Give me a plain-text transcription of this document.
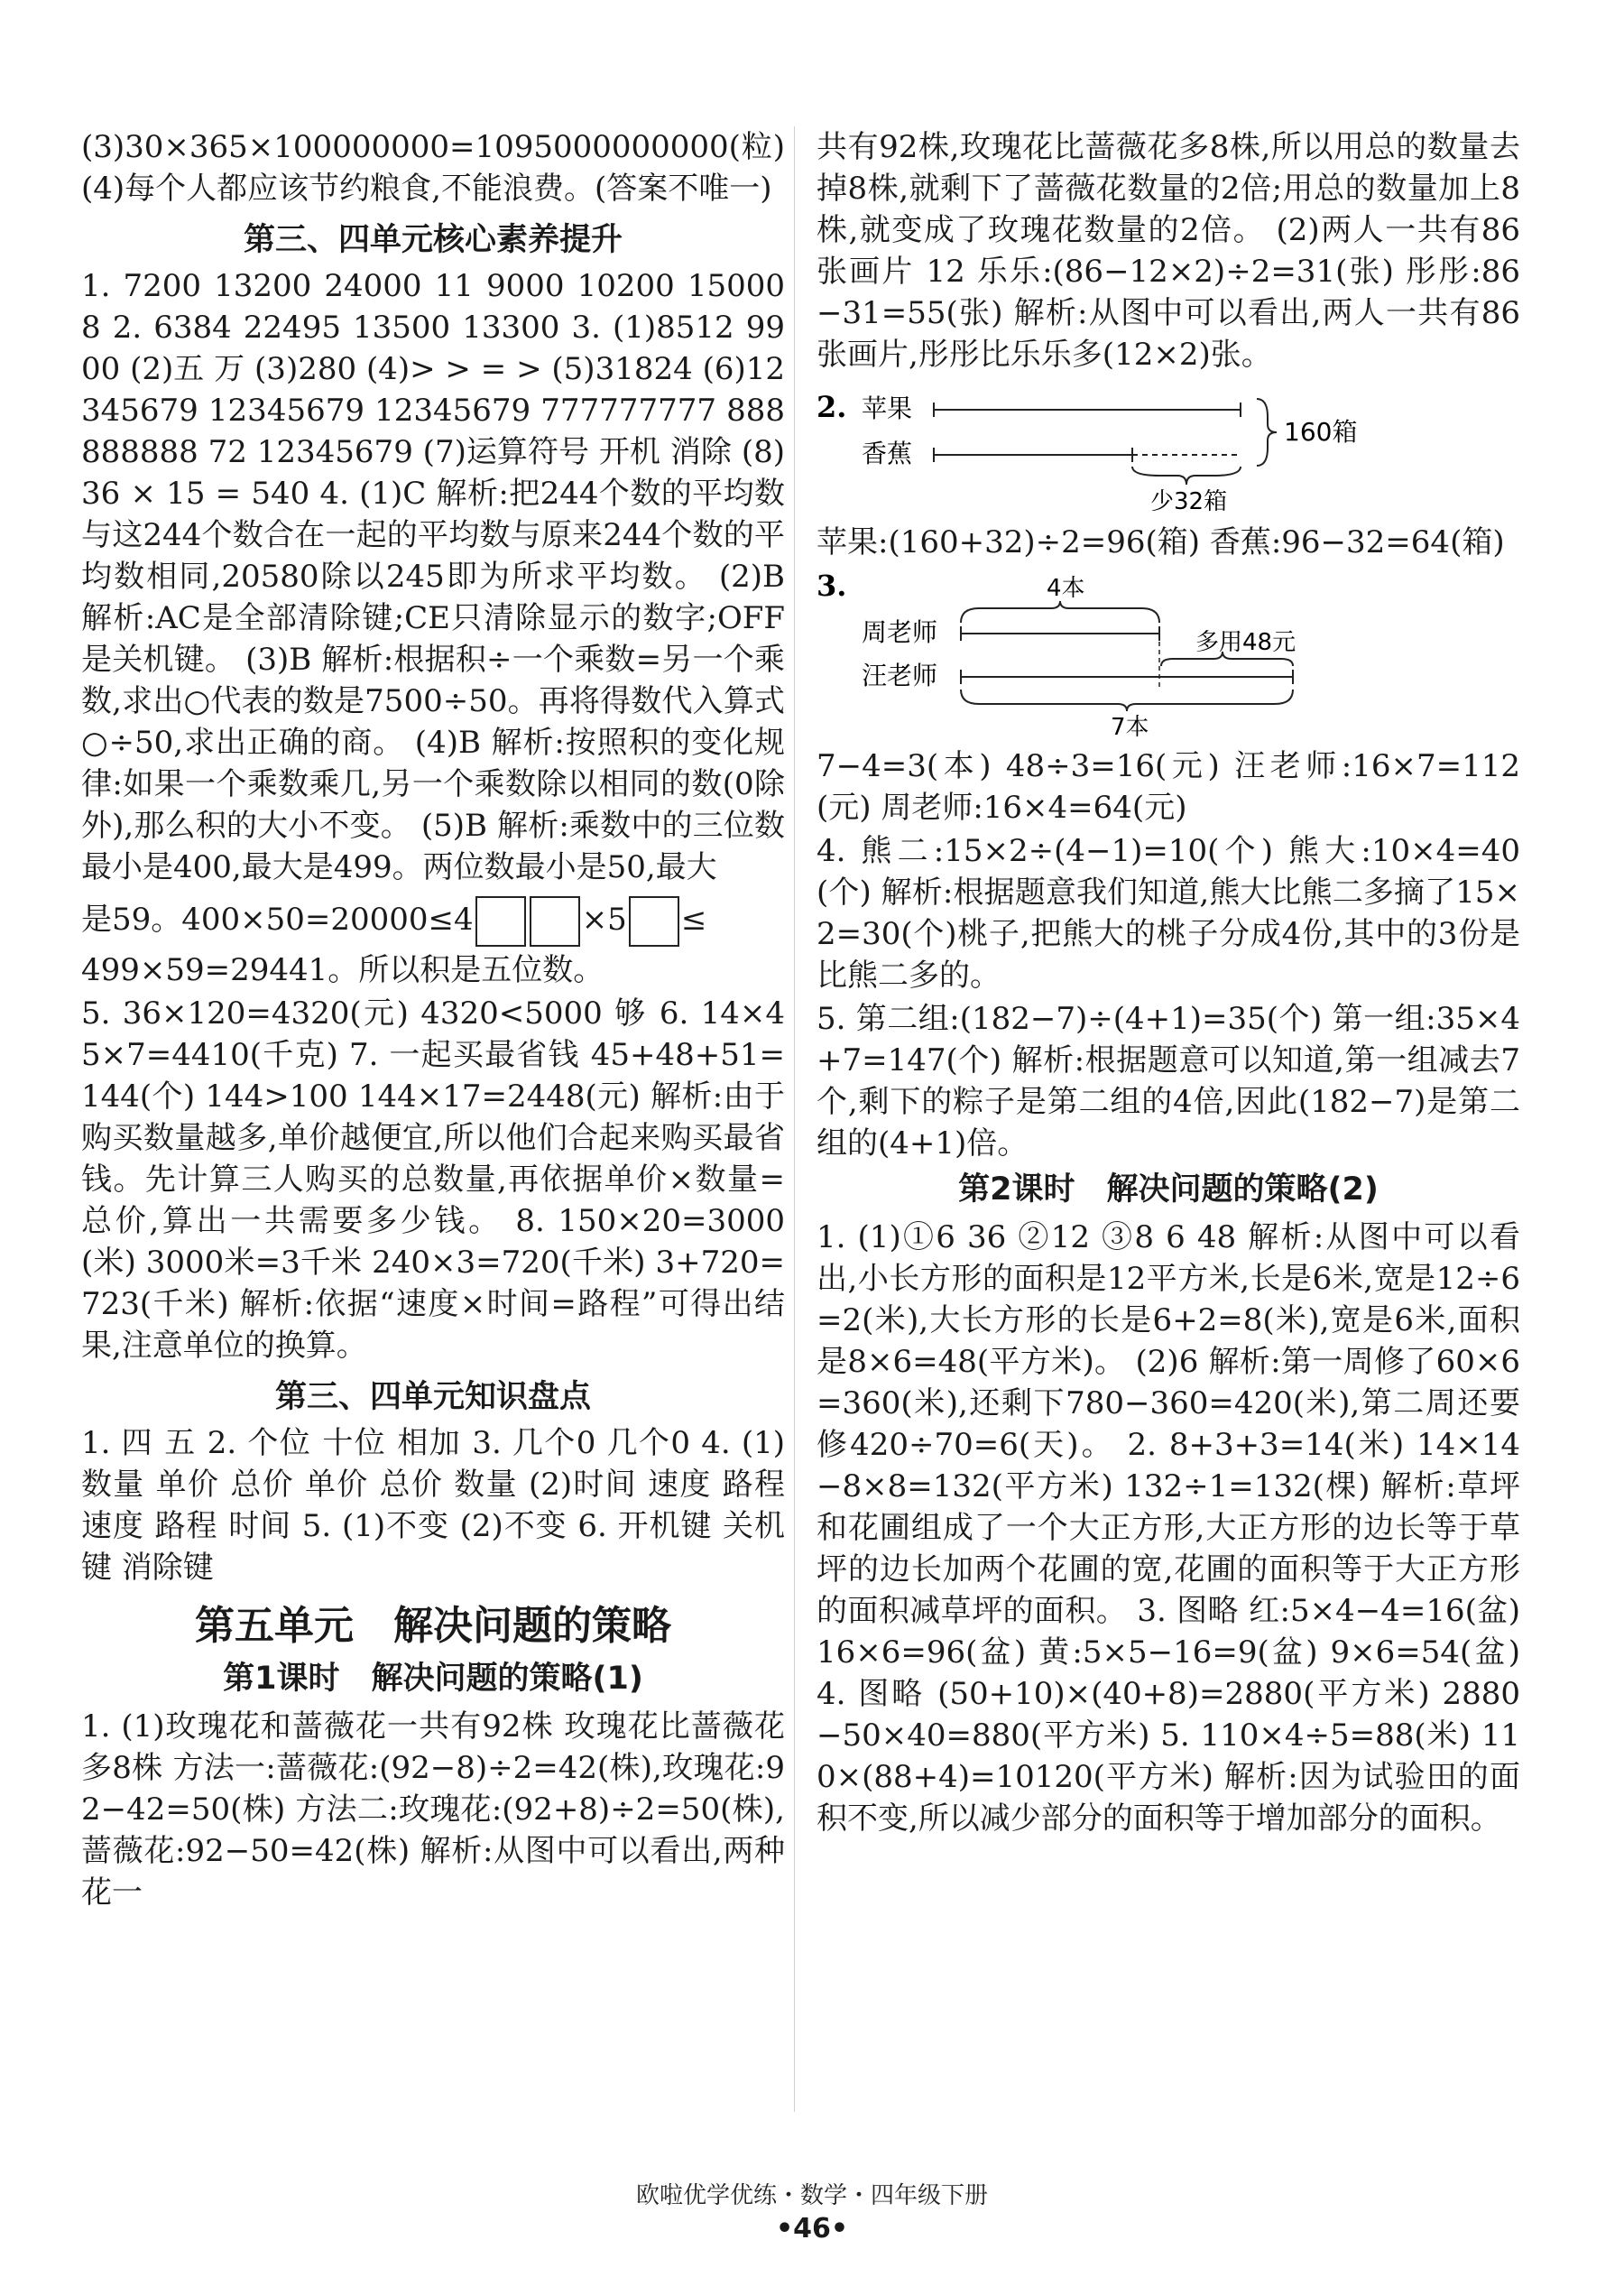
(3)30×365×100000000=1095000000000(粒) (4)每个人都应该节约粮食,不能浪费。(答案不唯一)

第三、四单元核心素养提升

1. 7200 13200 24000 11 9000 10200 15000 8 2. 6384 22495 13500 13300 3. (1)8512 9900 (2)五 万 (3)280 (4)> > = > (5)31824 (6)12345679 12345679 12345679 777777777 888888888 72 12345679 (7)运算符号 开机 消除 (8)36 × 15 = 540 4. (1)C 解析:把244个数的平均数与这244个数合在一起的平均数与原来244个数的平均数相同,20580除以245即为所求平均数。 (2)B 解析:AC是全部清除键;CE只清除显示的数字;OFF是关机键。 (3)B 解析:根据积÷一个乘数=另一个乘数,求出○代表的数是7500÷50。再将得数代入算式○÷50,求出正确的商。 (4)B 解析:按照积的变化规律:如果一个乘数乘几,另一个乘数除以相同的数(0除外),那么积的大小不变。 (5)B 解析:乘数中的三位数最小是400,最大是499。两位数最小是50,最大

是59。400×50=20000≤4	×5 ≤

499×59=29441。所以积是五位数。

5. 36×120=4320(元) 4320<5000 够 6. 14×45×7=4410(千克) 7. 一起买最省钱 45+48+51=144(个) 144>100 144×17=2448(元) 解析:由于购买数量越多,单价越便宜,所以他们合起来购买最省钱。先计算三人购买的总数量,再依据单价×数量=总价,算出一共需要多少钱。 8. 150×20=3000(米) 3000米=3千米 240×3=720(千米) 3+720=723(千米) 解析:依据“速度×时间=路程”可得出结果,注意单位的换算。

第三、四单元知识盘点

1. 四 五 2. 个位 十位 相加 3. 几个0 几个0 4. (1)数量 单价 总价 单价 总价 数量 (2)时间 速度 路程 速度 路程 时间 5. (1)不变 (2)不变 6. 开机键 关机键 消除键

第五单元　解决问题的策略
第1课时　解决问题的策略(1)

1. (1)玫瑰花和蔷薇花一共有92株 玫瑰花比蔷薇花多8株 方法一:蔷薇花:(92−8)÷2=42(株),玫瑰花:92−42=50(株) 方法二:玫瑰花:(92+8)÷2=50(株),蔷薇花:92−50=42(株) 解析:从图中可以看出,两种花一

共有92株,玫瑰花比蔷薇花多8株,所以用总的数量去掉8株,就剩下了蔷薇花数量的2倍;用总的数量加上8株,就变成了玫瑰花数量的2倍。 (2)两人一共有86张画片 12 乐乐:(86−12×2)÷2=31(张) 彤彤:86−31=55(张) 解析:从图中可以看出,两人一共有86张画片,彤彤比乐乐多(12×2)张。

2. 苹果
香蕉
少32箱
160箱

苹果:(160+32)÷2=96(箱) 香蕉:96−32=64(箱)

3.	4本
周老师	多用48元
汪老师
7本

7−4=3(本) 48÷3=16(元) 汪老师:16×7=112(元) 周老师:16×4=64(元)

4. 熊二:15×2÷(4−1)=10(个) 熊大:10×4=40(个) 解析:根据题意我们知道,熊大比熊二多摘了15×2=30(个)桃子,把熊大的桃子分成4份,其中的3份是比熊二多的。

5. 第二组:(182−7)÷(4+1)=35(个) 第一组:35×4+7=147(个) 解析:根据题意可以知道,第一组减去7个,剩下的粽子是第二组的4倍,因此(182−7)是第二组的(4+1)倍。

第2课时　解决问题的策略(2)

1. (1)①6 36 ②12 ③8 6 48 解析:从图中可以看出,小长方形的面积是12平方米,长是6米,宽是12÷6=2(米),大长方形的长是6+2=8(米),宽是6米,面积是8×6=48(平方米)。 (2)6 解析:第一周修了60×6=360(米),还剩下780−360=420(米),第二周还要修420÷70=6(天)。 2. 8+3+3=14(米) 14×14−8×8=132(平方米) 132÷1=132(棵) 解析:草坪和花圃组成了一个大正方形,大正方形的边长等于草坪的边长加两个花圃的宽,花圃的面积等于大正方形的面积减草坪的面积。 3. 图略 红:5×4−4=16(盆) 16×6=96(盆) 黄:5×5−16=9(盆) 9×6=54(盆) 4. 图略 (50+10)×(40+8)=2880(平方米) 2880−50×40=880(平方米) 5. 110×4÷5=88(米) 110×(88+4)=10120(平方米) 解析:因为试验田的面积不变,所以减少部分的面积等于增加部分的面积。

欧啦优学优练・数学・四年级下册
•46•
